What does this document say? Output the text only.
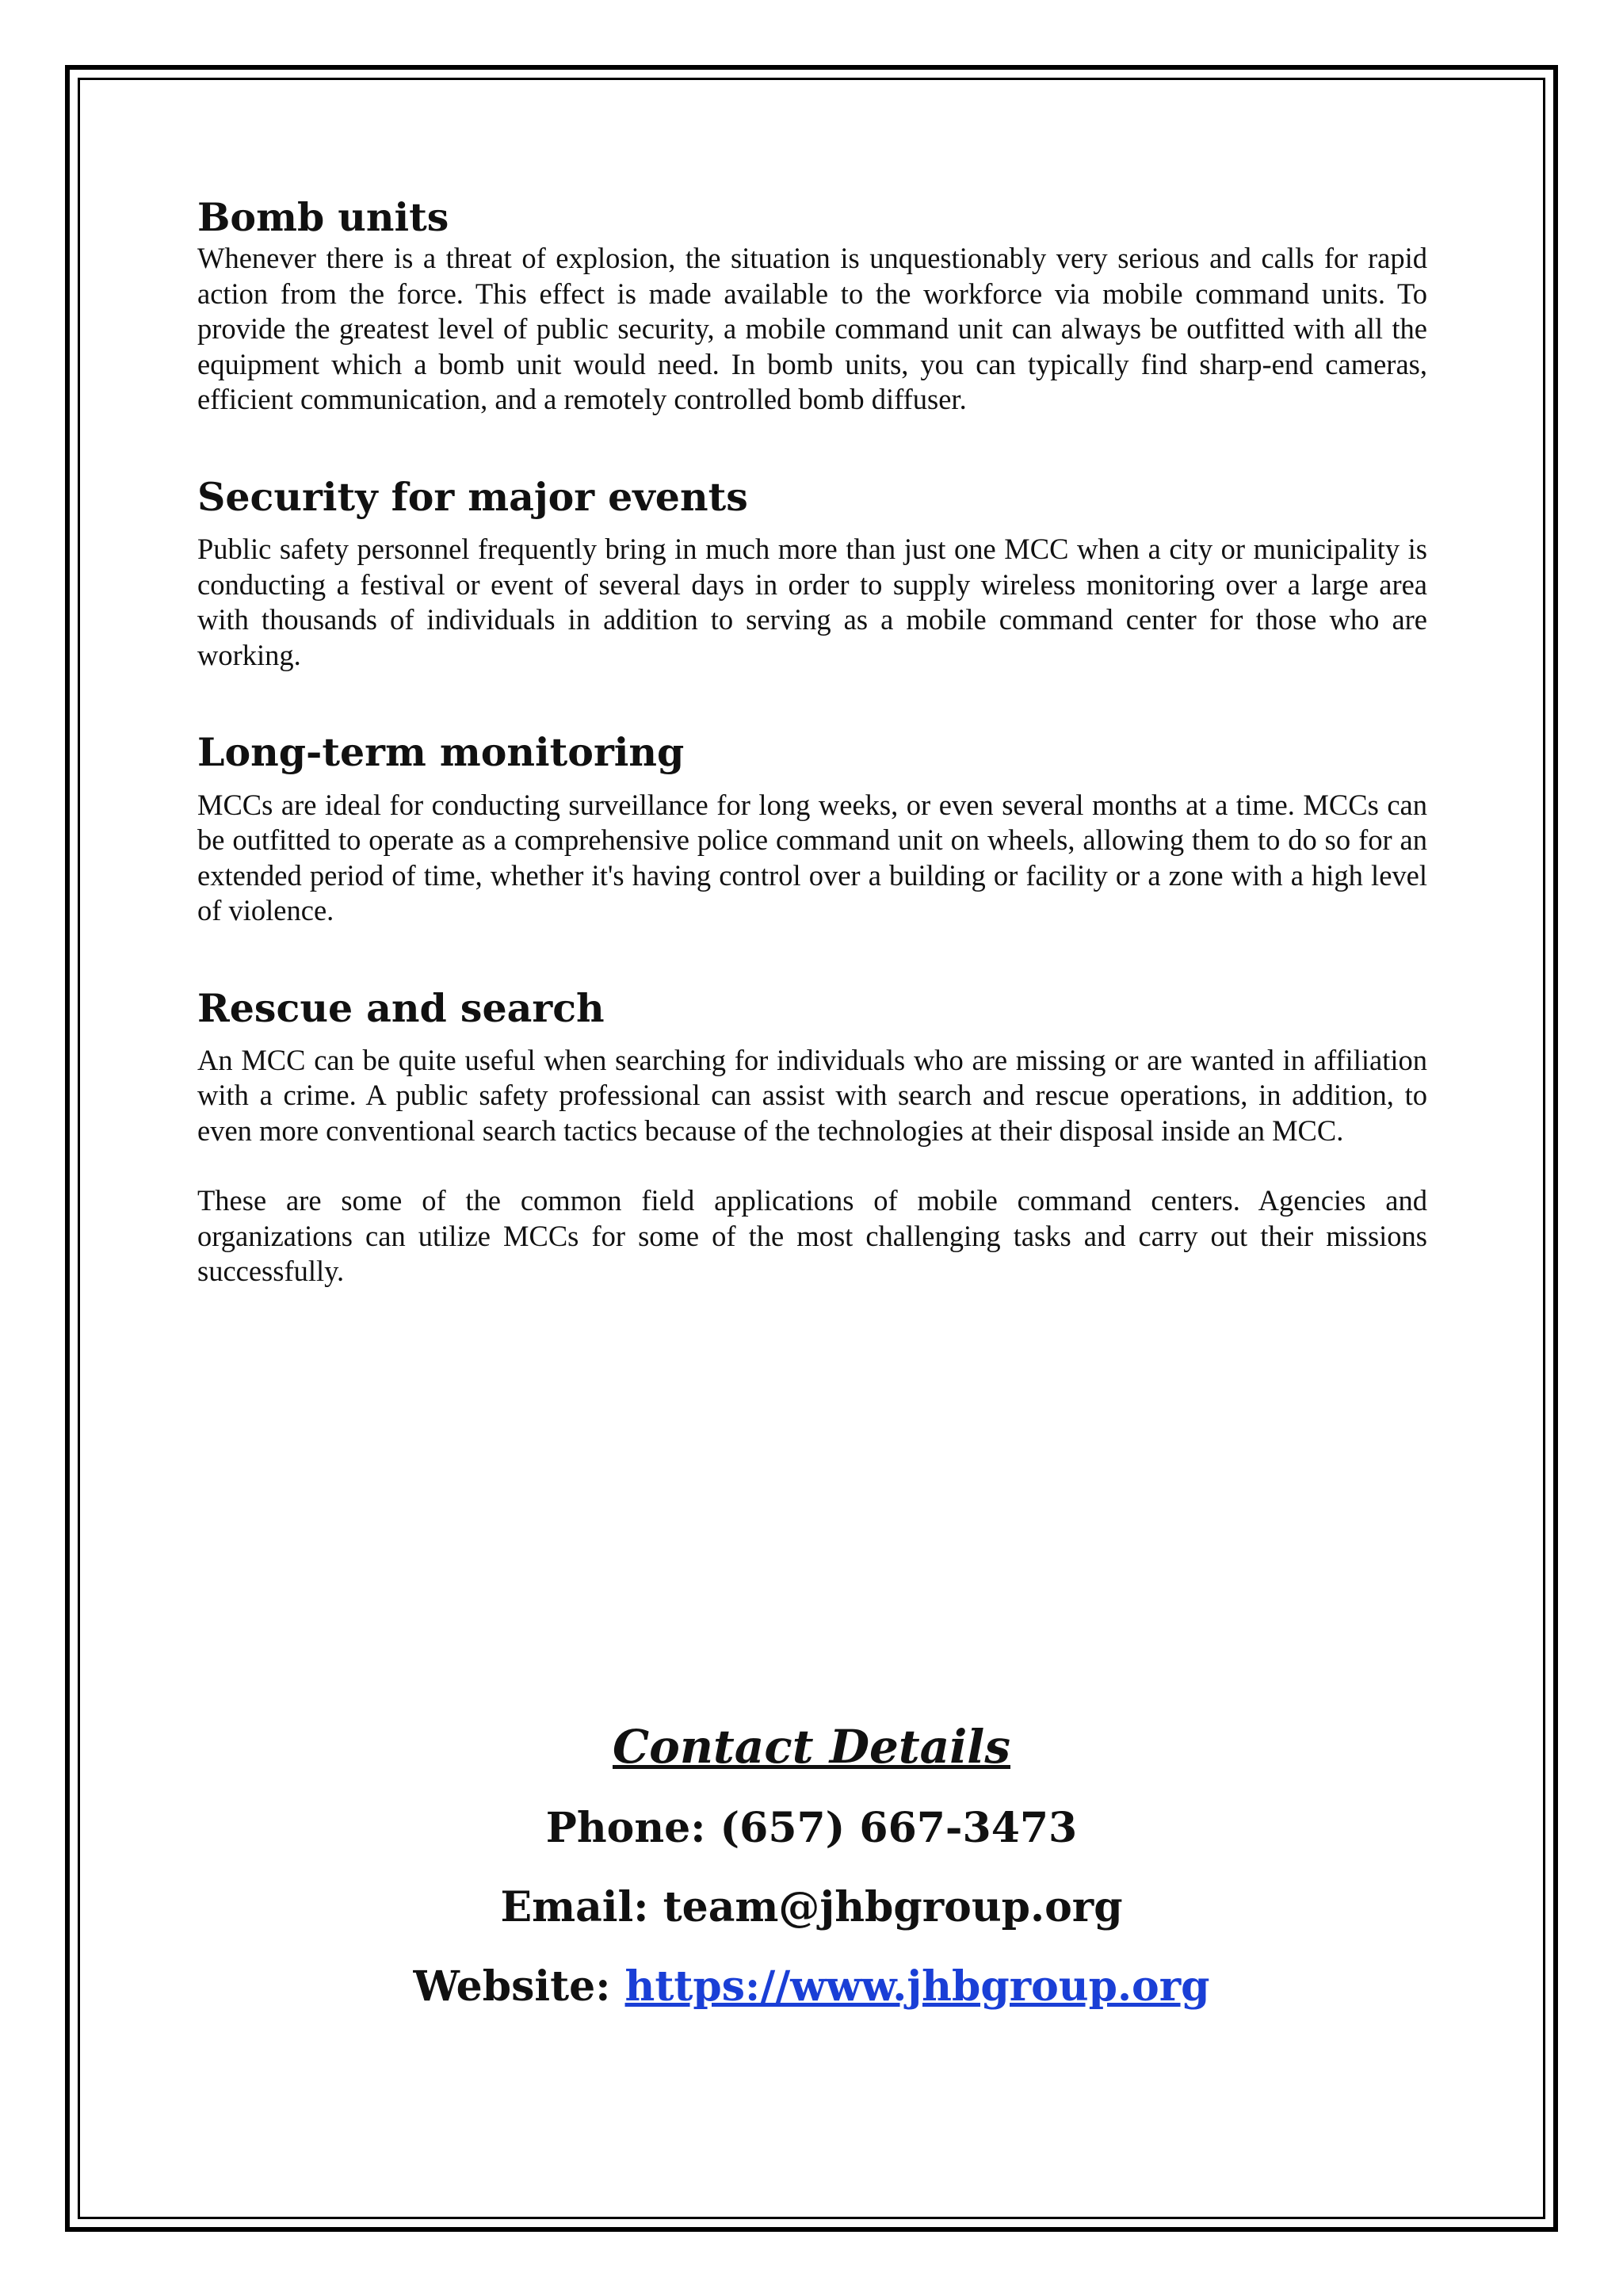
Bomb units

Whenever there is a threat of explosion, the situation is unquestionably very serious and calls for rapid action from the force. This effect is made available to the workforce via mobile command units. To provide the greatest level of public security, a mobile command unit can always be outfitted with all the equipment which a bomb unit would need. In bomb units, you can typically find sharp-end cameras, efficient communication, and a remotely controlled bomb diffuser.

Security for major events

Public safety personnel frequently bring in much more than just one MCC when a city or municipality is conducting a festival or event of several days in order to supply wireless monitoring over a large area with thousands of individuals in addition to serving as a mobile command center for those who are working.

Long-term monitoring

MCCs are ideal for conducting surveillance for long weeks, or even several months at a time. MCCs can be outfitted to operate as a comprehensive police command unit on wheels, allowing them to do so for an extended period of time, whether it's having control over a building or facility or a zone with a high level of violence.

Rescue and search

An MCC can be quite useful when searching for individuals who are missing or are wanted in affiliation with a crime. A public safety professional can assist with search and rescue operations, in addition, to even more conventional search tactics because of the technologies at their disposal inside an MCC.

These are some of the common field applications of mobile command centers. Agencies and organizations can utilize MCCs for some of the most challenging tasks and carry out their missions successfully.

Contact Details

Phone: (657) 667-3473

Email: team@jhbgroup.org

Website: https://www.jhbgroup.org
